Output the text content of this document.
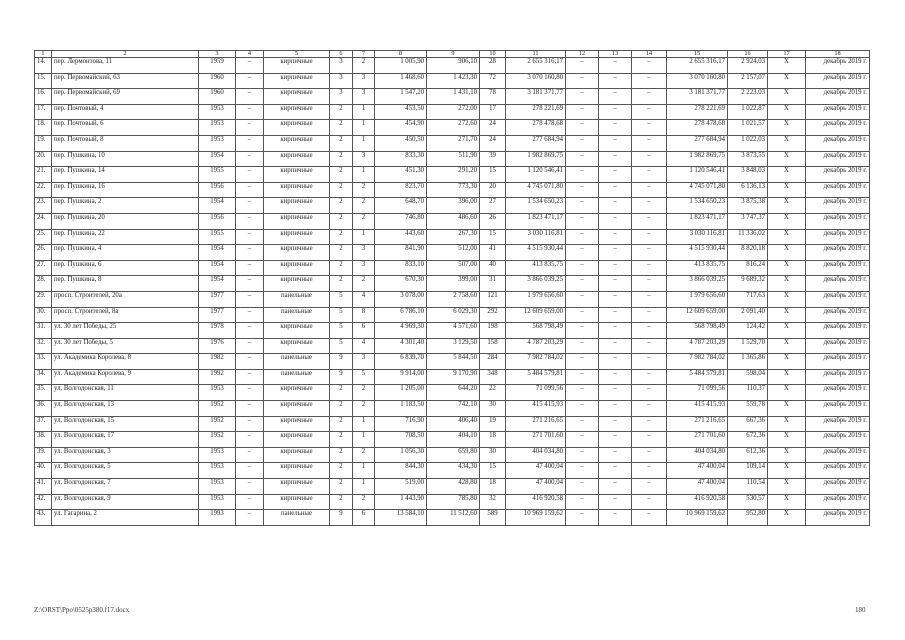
1	2	3	4	5	6	7	8	9	10	11	12	13	14	15	16	17	18
14.	пер. Лермонтова, 11	1959	–	кирпичные	3	2	1 005,90	906,10	28	2 655 316,17	–	–	–	2 655 316,17	2 924,03	Х	декабрь 2019 г.
15.	пер. Первомайский, 63	1960	–	кирпичные	3	3	1 468,60	1 423,30	72	3 070 160,80	–	–	–	3 070 160,80	2 157,07	Х	декабрь 2019 г.
16.	пер. Первомайский, 69	1960	–	кирпичные	3	3	1 547,20	1 431,10	78	3 181 371,77	–	–	–	3 181 371,77	2 223,03	Х	декабрь 2019 г.
17.	пер. Почтовый, 4	1953	–	кирпичные	2	1	453,50	272,00	17	278 221,69	–	–	–	278 221,69	1 022,87	Х	декабрь 2019 г.
18.	пер. Почтовый, 6	1953	–	кирпичные	2	1	454,90	272,60	24	278 478,68	–	–	–	278 478,68	1 021,57	Х	декабрь 2019 г.
19.	пер. Почтовый, 8	1953	–	кирпичные	2	1	450,50	271,70	24	277 684,94	–	–	–	277 684,94	1 022,03	Х	декабрь 2019 г.
20.	пер. Пушкина, 10	1954	–	кирпичные	2	3	833,30	511,90	39	1 982 869,75	–	–	–	1 982 869,75	3 873,55	Х	декабрь 2019 г.
21.	пер. Пушкина, 14	1955	–	кирпичные	2	1	451,30	291,20	15	1 120 546,41	–	–	–	1 120 546,41	3 848,03	Х	декабрь 2019 г.
22.	пер. Пушкина, 16	1956	–	кирпичные	2	2	823,70	773,30	20	4 745 071,80	–	–	–	4 745 071,80	6 136,13	Х	декабрь 2019 г.
23.	пер. Пушкина, 2	1954	–	кирпичные	2	2	648,70	396,00	27	1 534 650,23	–	–	–	1 534 650,23	3 875,38	Х	декабрь 2019 г.
24.	пер. Пушкина, 20	1956	–	кирпичные	2	2	746,80	486,60	26	1 823 471,17	–	–	–	1 823 471,17	3 747,37	Х	декабрь 2019 г.
25.	пер. Пушкина, 22	1955	–	кирпичные	2	1	443,60	267,30	15	3 030 116,81	–	–	–	3 030 116,81	11 336,02	Х	декабрь 2019 г.
26.	пер. Пушкина, 4	1954	–	кирпичные	2	3	841,90	512,00	41	4 515 930,44	–	–	–	4 515 930,44	8 820,18	Х	декабрь 2019 г.
27.	пер. Пушкина, 6	1954	–	кирпичные	2	3	833,10	507,00	40	413 835,75	–	–	–	413 835,75	816,24	Х	декабрь 2019 г.
28.	пер. Пушкина, 8	1954	–	кирпичные	2	2	670,30	399,00	31	3 866 039,25	–	–	–	3 866 039,25	9 689,32	Х	декабрь 2019 г.
29.	просп. Строителей, 20а	1977	–	панельные	5	4	3 078,00	2 758,60	121	1 979 656,60	–	–	–	1 979 656,60	717,63	Х	декабрь 2019 г.
30.	просп. Строителей, 8а	1977	–	панельные	5	8	6 786,10	6 029,30	292	12 609 659,00	–	–	–	12 609 659,00	2 091,40	Х	декабрь 2019 г.
31.	ул. 30 лет Победы, 25	1978	–	кирпичные	5	6	4 969,30	4 571,60	198	568 798,49	–	–	–	568 798,49	124,42	Х	декабрь 2019 г.
32.	ул. 30 лет Победы, 5	1976	–	кирпичные	5	4	4 301,40	3 129,50	158	4 787 203,29	–	–	–	4 787 203,29	1 529,70	Х	декабрь 2019 г.
33.	ул. Академика Королева, 8	1982	–	панельные	9	3	6 839,70	5 844,50	284	7 982 784,02	–	–	–	7 982 784,02	1 365,86	Х	декабрь 2019 г.
34.	ул. Академика Королева, 9	1992	–	панельные	9	5	9 914,00	9 170,90	348	5 484 579,81	–	–	–	5 484 579,81	598,04	Х	декабрь 2019 г.
35.	ул. Волгодонская, 11	1953	–	кирпичные	2	2	1 205,00	644,20	22	71 099,56	–	–	–	71 099,56	110,37	Х	декабрь 2019 г.
36.	ул. Волгодонская, 13	1952	–	кирпичные	2	2	1 183,50	742,10	30	415 415,93	–	–	–	415 415,93	559,78	Х	декабрь 2019 г.
37.	ул. Волгодонская, 15	1952	–	кирпичные	2	1	716,90	406,40	19	271 216,65	–	–	–	271 216,65	667,36	Х	декабрь 2019 г.
38.	ул. Волгодонская, 17	1952	–	кирпичные	2	1	708,50	404,10	18	271 701,60	–	–	–	271 701,60	672,36	Х	декабрь 2019 г.
39.	ул. Волгодонская, 3	1953	–	кирпичные	2	2	1 056,30	659,80	30	404 034,80	–	–	–	404 034,80	612,36	Х	декабрь 2019 г.
40.	ул. Волгодонская, 5	1953	–	кирпичные	2	1	844,30	434,30	15	47 400,04	–	–	–	47 400,04	109,14	Х	декабрь 2019 г.
41.	ул. Волгодонская, 7	1953	–	кирпичные	2	1	519,00	428,80	18	47 400,04	–	–	–	47 400,04	110,54	Х	декабрь 2019 г.
42.	ул. Волгодонская, 9	1953	–	кирпичные	2	2	1 443,90	785,80	32	416 920,58	–	–	–	416 920,58	530,57	Х	декабрь 2019 г.
43.	ул. Гагарина, 2	1993	–	панельные	9	6	13 584,10	11 512,60	589	10 969 159,62	–	–	–	10 969 159,62	952,80	Х	декабрь 2019 г.
Z:\ORST\Ppo\0525p380.f17.docx	180
